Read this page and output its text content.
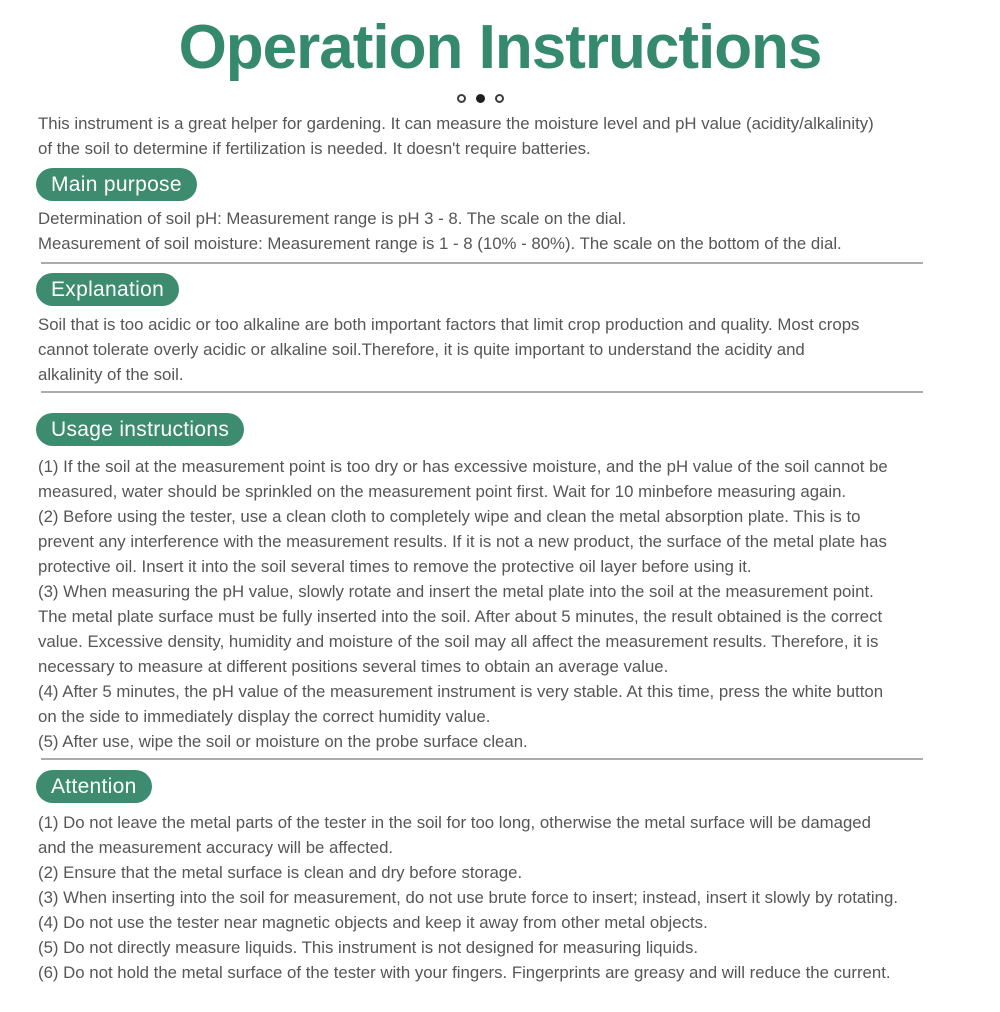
Operation Instructions
This instrument is a great helper for gardening. It can measure the moisture level and pH value (acidity/alkalinity)
of the soil to determine if fertilization is needed. It doesn't require batteries.
Main purpose
Determination of soil pH: Measurement range is pH 3 - 8. The scale on the dial.
Measurement of soil moisture: Measurement range is 1 - 8 (10% - 80%). The scale on the bottom of the dial.
Explanation
Soil that is too acidic or too alkaline are both important factors that limit crop production and quality. Most crops
cannot tolerate overly acidic or alkaline soil.Therefore, it is quite important to understand the acidity and
alkalinity of the soil.
Usage instructions
(1) If the soil at the measurement point is too dry or has excessive moisture, and the pH value of the soil cannot be
measured, water should be sprinkled on the measurement point first. Wait for 10 minbefore measuring again.
(2) Before using the tester, use a clean cloth to completely wipe and clean the metal absorption plate. This is to
prevent any interference with the measurement results. If it is not a new product, the surface of the metal plate has
protective oil. Insert it into the soil several times to remove the protective oil layer before using it.
(3) When measuring the pH value, slowly rotate and insert the metal plate into the soil at the measurement point.
The metal plate surface must be fully inserted into the soil. After about 5 minutes, the result obtained is the correct
value. Excessive density, humidity and moisture of the soil may all affect the measurement results. Therefore, it is
necessary to measure at different positions several times to obtain an average value.
(4) After 5 minutes, the pH value of the measurement instrument is very stable. At this time, press the white button
on the side to immediately display the correct humidity value.
(5) After use, wipe the soil or moisture on the probe surface clean.
Attention
(1) Do not leave the metal parts of the tester in the soil for too long, otherwise the metal surface will be damaged
and the measurement accuracy will be affected.
(2) Ensure that the metal surface is clean and dry before storage.
(3) When inserting into the soil for measurement, do not use brute force to insert; instead, insert it slowly by rotating.
(4) Do not use the tester near magnetic objects and keep it away from other metal objects.
(5) Do not directly measure liquids. This instrument is not designed for measuring liquids.
(6) Do not hold the metal surface of the tester with your fingers. Fingerprints are greasy and will reduce the current.
